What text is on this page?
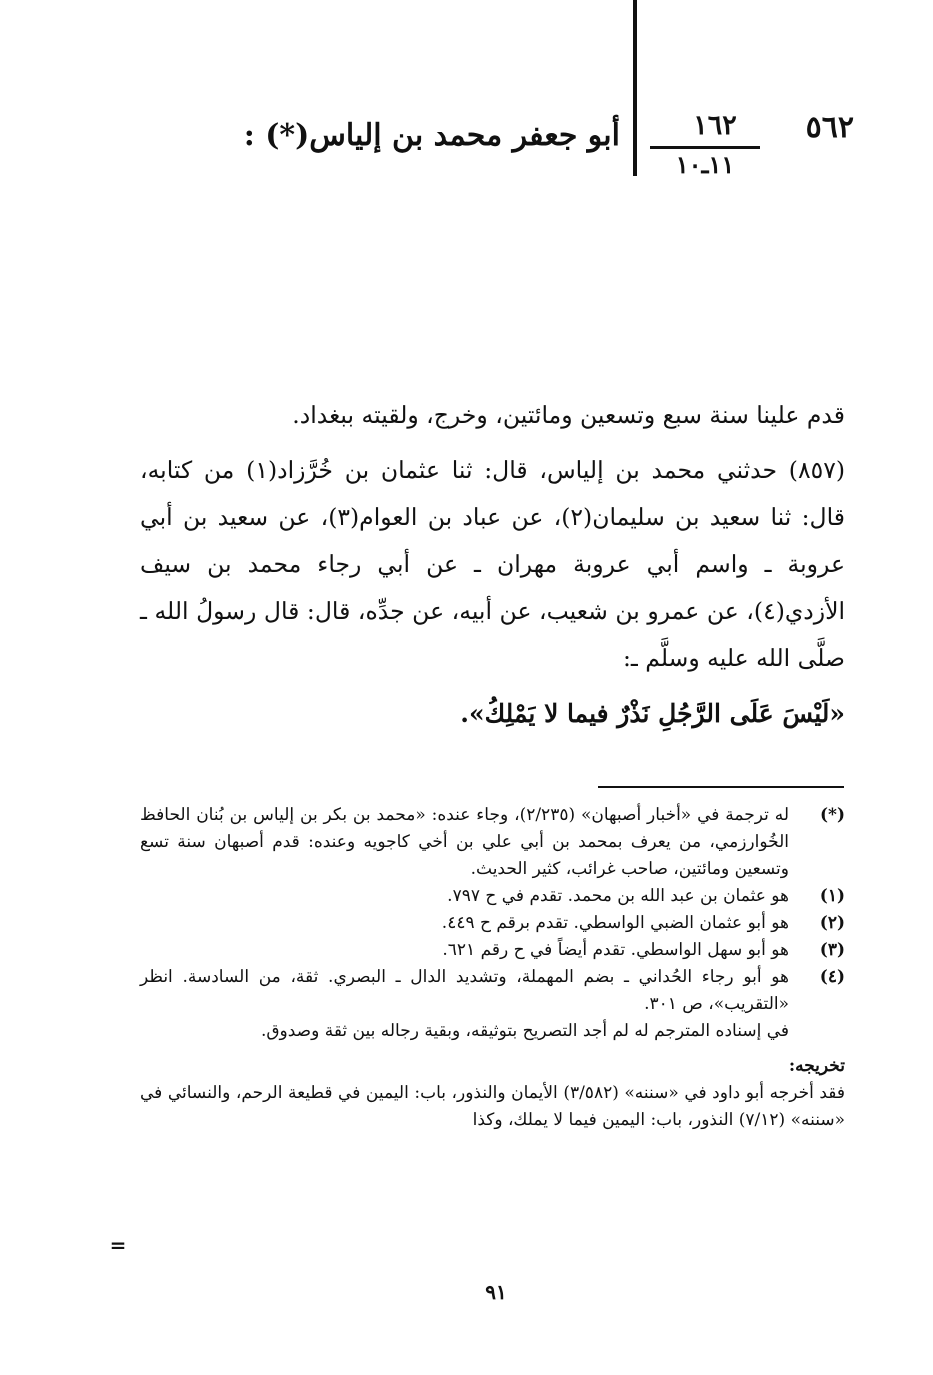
٥٦٢
١٦٢
١١ـ١٠
أبو جعفر محمد بن إلياس(*) :

قدم علينا سنة سبع وتسعين ومائتين، وخرج، ولقيته ببغداد.

(٨٥٧) حدثني محمد بن إلياس، قال: ثنا عثمان بن خُرَّزاد(١) من كتابه، قال: ثنا سعيد بن سليمان(٢)، عن عباد بن العوام(٣)، عن سعيد بن أبي عروبة ـ واسم أبي عروبة مهران ـ عن أبي رجاء محمد بن سيف الأزدي(٤)، عن عمرو بن شعيب، عن أبيه، عن جدِّه، قال: قال رسولُ الله ـ صلَّى الله عليه وسلَّم ـ:

«لَيْسَ عَلَى الرَّجُلِ نَذْرٌ فيما لا يَمْلِكُ».

(*)
له ترجمة في «أخبار أصبهان» (٢/٢٣٥)، وجاء عنده: «محمد بن بكر بن إلياس بن بُنان الحافظ الخُوارزمي، من يعرف بمحمد بن أبي علي بن أخي كاجويه وعنده: قدم أصبهان سنة تسع وتسعين ومائتين، صاحب غرائب، كثير الحديث.
(١)
هو عثمان بن عبد الله بن محمد. تقدم في ح ٧٩٧.
(٢)
هو أبو عثمان الضبي الواسطي. تقدم برقم ح ٤٤٩.
(٣)
هو أبو سهل الواسطي. تقدم أيضاً في ح رقم ٦٢١.
(٤)
هو أبو رجاء الحُداني ـ بضم المهملة، وتشديد الدال ـ البصري. ثقة، من السادسة. انظر «التقريب»، ص ٣٠١.
في إسناده المترجم له لم أجد التصريح بتوثيقه، وبقية رجاله بين ثقة وصدوق.
تخريجه:
فقد أخرجه أبو داود في «سننه» (٣/٥٨٢) الأيمان والنذور، باب: اليمين في قطيعة الرحم، والنسائي في «سننه» (٧/١٢) النذور، باب: اليمين فيما لا يملك، وكذا
=
٩١
